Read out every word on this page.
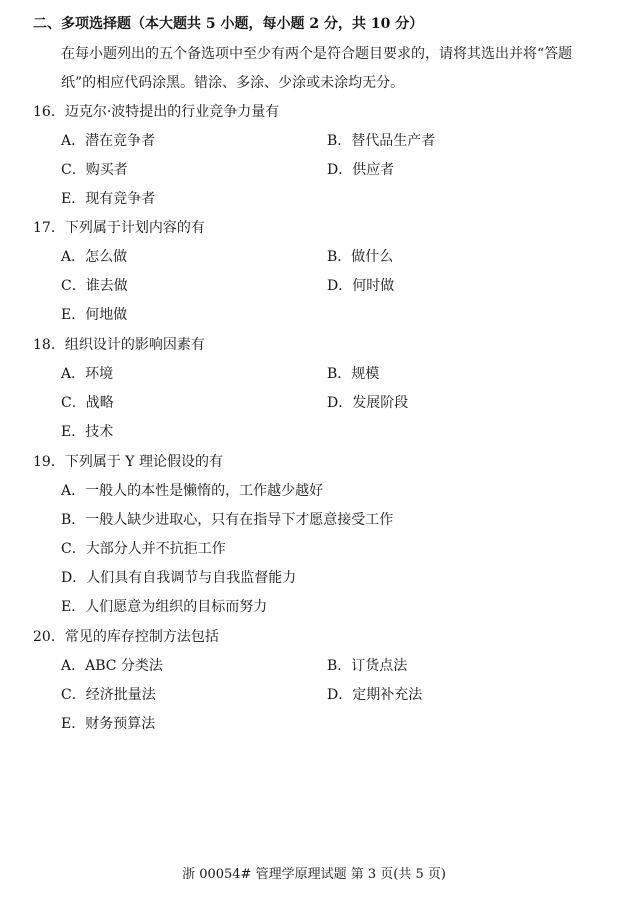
二、多项选择题（本大题共 5 小题，每小题 2 分，共 10 分）
在每小题列出的五个备选项中至少有两个是符合题目要求的，请将其选出并将“答题纸”的相应代码涂黑。错涂、多涂、少涂或未涂均无分。
16．迈克尔·波特提出的行业竞争力量有
A．潜在竞争者	B．替代品生产者
C．购买者	D．供应者
E．现有竞争者
17．下列属于计划内容的有
A．怎么做	B．做什么
C．谁去做	D．何时做
E．何地做
18．组织设计的影响因素有
A．环境	B．规模
C．战略	D．发展阶段
E．技术
19．下列属于 Y 理论假设的有
A．一般人的本性是懒惰的，工作越少越好
B．一般人缺少进取心，只有在指导下才愿意接受工作
C．大部分人并不抗拒工作
D．人们具有自我调节与自我监督能力
E．人们愿意为组织的目标而努力
20．常见的库存控制方法包括
A．ABC 分类法	B．订货点法
C．经济批量法	D．定期补充法
E．财务预算法
浙 00054# 管理学原理试题 第 3 页(共 5 页)
